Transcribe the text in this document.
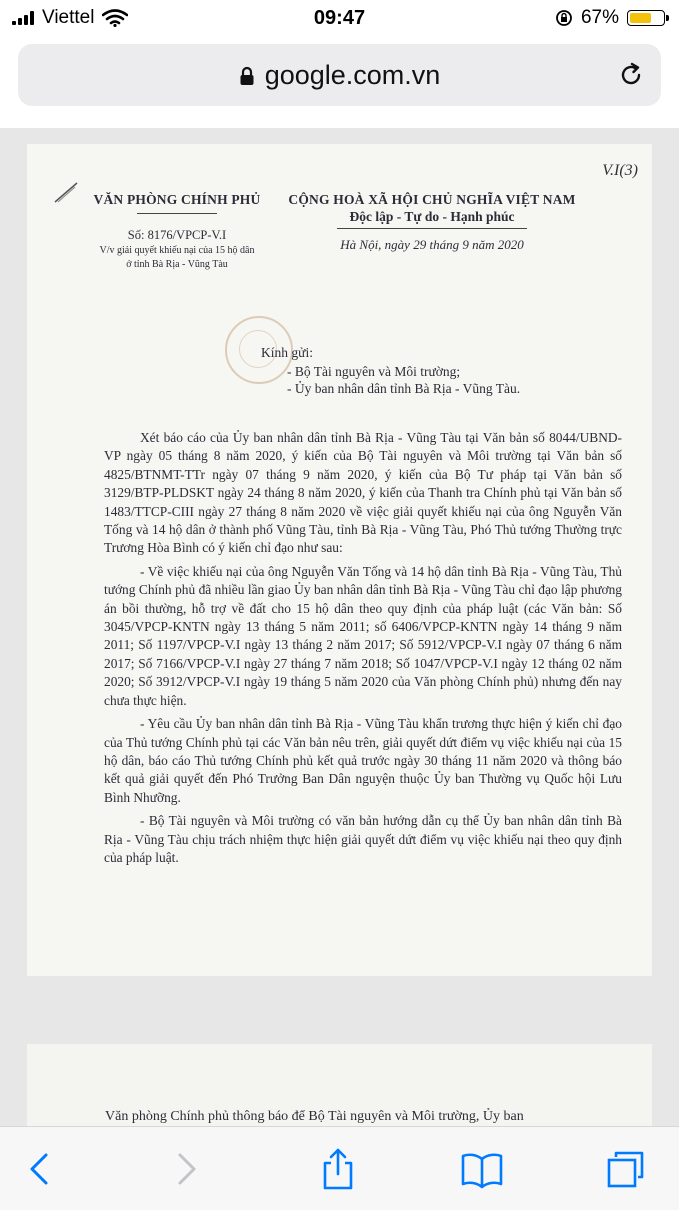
Viettel	09:47	67%
google.com.vn
V.I(3)
VĂN PHÒNG CHÍNH PHỦ
Số: 8176/VPCP-V.I
V/v giải quyết khiếu nại của 15 hộ dân
ở tỉnh Bà Rịa - Vũng Tàu
CỘNG HOÀ XÃ HỘI CHỦ NGHĨA VIỆT NAM
Độc lập - Tự do - Hạnh phúc
Hà Nội, ngày 29 tháng 9 năm 2020
Kính gửi:
- Bộ Tài nguyên và Môi trường;
- Ủy ban nhân dân tỉnh Bà Rịa - Vũng Tàu.

Xét báo cáo của Ủy ban nhân dân tỉnh Bà Rịa - Vũng Tàu tại Văn bản số 8044/UBND-VP ngày 05 tháng 8 năm 2020, ý kiến của Bộ Tài nguyên và Môi trường tại Văn bản số 4825/BTNMT-TTr ngày 07 tháng 9 năm 2020, ý kiến của Bộ Tư pháp tại Văn bản số 3129/BTP-PLDSKT ngày 24 tháng 8 năm 2020, ý kiến của Thanh tra Chính phủ tại Văn bản số 1483/TTCP-CIII ngày 27 tháng 8 năm 2020 về việc giải quyết khiếu nại của ông Nguyễn Văn Tống và 14 hộ dân ở thành phố Vũng Tàu, tỉnh Bà Rịa - Vũng Tàu, Phó Thủ tướng Thường trực Trương Hòa Bình có ý kiến chỉ đạo như sau:

- Về việc khiếu nại của ông Nguyễn Văn Tống và 14 hộ dân tỉnh Bà Rịa - Vũng Tàu, Thủ tướng Chính phủ đã nhiều lần giao Ủy ban nhân dân tỉnh Bà Rịa - Vũng Tàu chỉ đạo lập phương án bồi thường, hỗ trợ về đất cho 15 hộ dân theo quy định của pháp luật (các Văn bản: Số 3045/VPCP-KNTN ngày 13 tháng 5 năm 2011; số 6406/VPCP-KNTN ngày 14 tháng 9 năm 2011; Số 1197/VPCP-V.I ngày 13 tháng 2 năm 2017; Số 5912/VPCP-V.I ngày 07 tháng 6 năm 2017; Số 7166/VPCP-V.I ngày 27 tháng 7 năm 2018; Số 1047/VPCP-V.I ngày 12 tháng 02 năm 2020; Số 3912/VPCP-V.I ngày 19 tháng 5 năm 2020 của Văn phòng Chính phủ) nhưng đến nay chưa thực hiện.

- Yêu cầu Ủy ban nhân dân tỉnh Bà Rịa - Vũng Tàu khẩn trương thực hiện ý kiến chỉ đạo của Thủ tướng Chính phủ tại các Văn bản nêu trên, giải quyết dứt điểm vụ việc khiếu nại của 15 hộ dân, báo cáo Thủ tướng Chính phủ kết quả trước ngày 30 tháng 11 năm 2020 và thông báo kết quả giải quyết đến Phó Trưởng Ban Dân nguyện thuộc Ủy ban Thường vụ Quốc hội Lưu Bình Nhưỡng.

- Bộ Tài nguyên và Môi trường có văn bản hướng dẫn cụ thể Ủy ban nhân dân tỉnh Bà Rịa - Vũng Tàu chịu trách nhiệm thực hiện giải quyết dứt điểm vụ việc khiếu nại theo quy định của pháp luật.

Văn phòng Chính phủ thông báo để Bộ Tài nguyên và Môi trường, Ủy ban
